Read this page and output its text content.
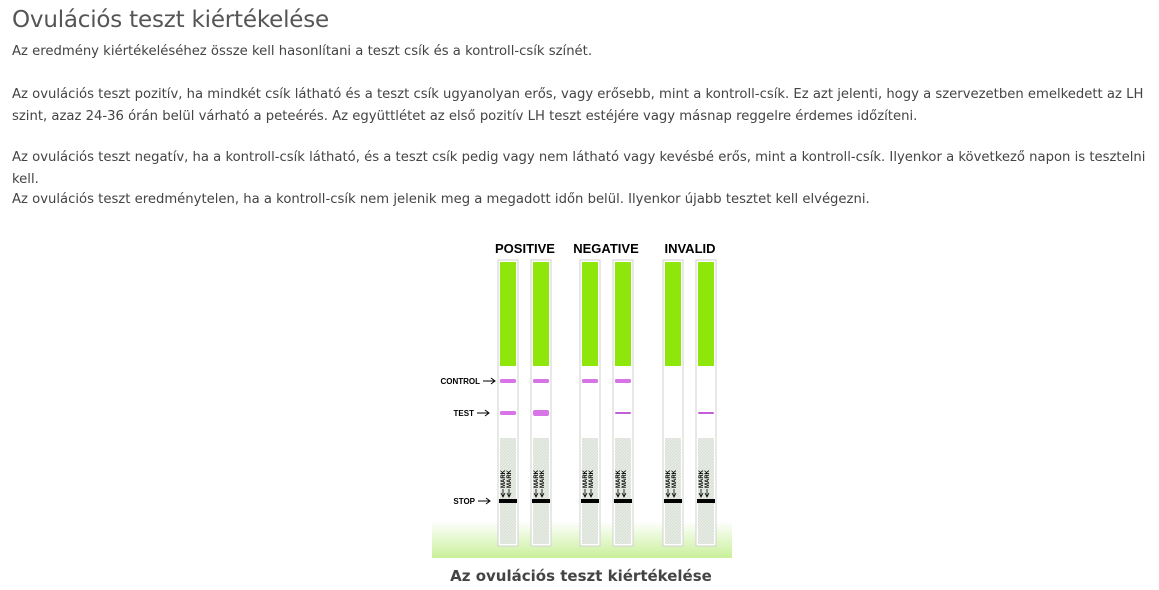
Ovulációs teszt kiértékelése

Az eredmény kiértékeléséhez össze kell hasonlítani a teszt csík és a kontroll-csík színét.

Az ovulációs teszt pozitív, ha mindkét csík látható és a teszt csík ugyanolyan erős, vagy erősebb, mint a kontroll-csík. Ez azt jelenti, hogy a szervezetben emelkedett az LH szint, azaz 24-36 órán belül várható a peteérés. Az együttlétet az első pozitív LH teszt estéjére vagy másnap reggelre érdemes időzíteni.

Az ovulációs teszt negatív, ha a kontroll-csík látható, és a teszt csík pedig vagy nem látható vagy kevésbé erős, mint a kontroll-csík. Ilyenkor a következő napon is tesztelni kell.

Az ovulációs teszt eredménytelen, ha a kontroll-csík nem jelenik meg a megadott időn belül. Ilyenkor újabb tesztet kell elvégezni.

POSITIVE NEGATIVE INVALID
CONTROL
TEST
STOP
MARK MARK	MARK MARK	MARK MARK	MARK MARK	MARK MARK	MARK MARK
Az ovulációs teszt kiértékelése
